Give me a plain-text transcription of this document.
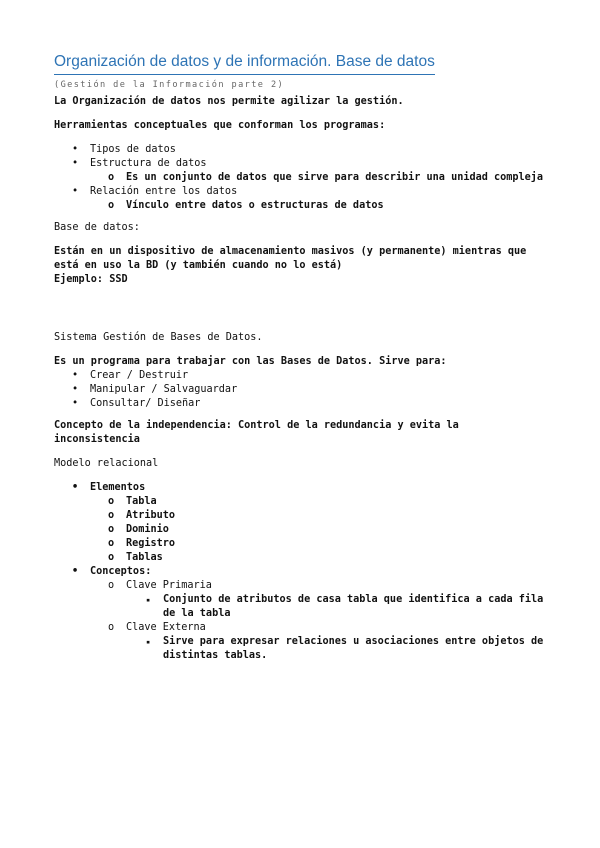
Organización de datos y de información. Base de datos
(Gestión de la Información parte 2)

La Organización de datos nos permite agilizar la gestión.

Herramientas conceptuales que conforman los programas:

• Tipos de datos
• Estructura de datos
o Es un conjunto de datos que sirve para describir una unidad compleja
• Relación entre los datos
o Vínculo entre datos o estructuras de datos

Base de datos:

Están en un dispositivo de almacenamiento masivos (y permanente) mientras que

está en uso la BD (y también cuando no lo está)

Ejemplo: SSD

Sistema Gestión de Bases de Datos.

Es un programa para trabajar con las Bases de Datos. Sirve para:

• Crear / Destruir
• Manipular / Salvaguardar
• Consultar/ Diseñar

Concepto de la independencia: Control de la redundancia y evita la

inconsistencia

Modelo relacional

• Elementos
o Tabla
o Atributo
o Dominio
o Registro
o Tablas
• Conceptos:
o Clave Primaria
▪ Conjunto de atributos de casa tabla que identifica a cada fila
de la tabla
o Clave Externa
▪ Sirve para expresar relaciones u asociaciones entre objetos de
distintas tablas.
